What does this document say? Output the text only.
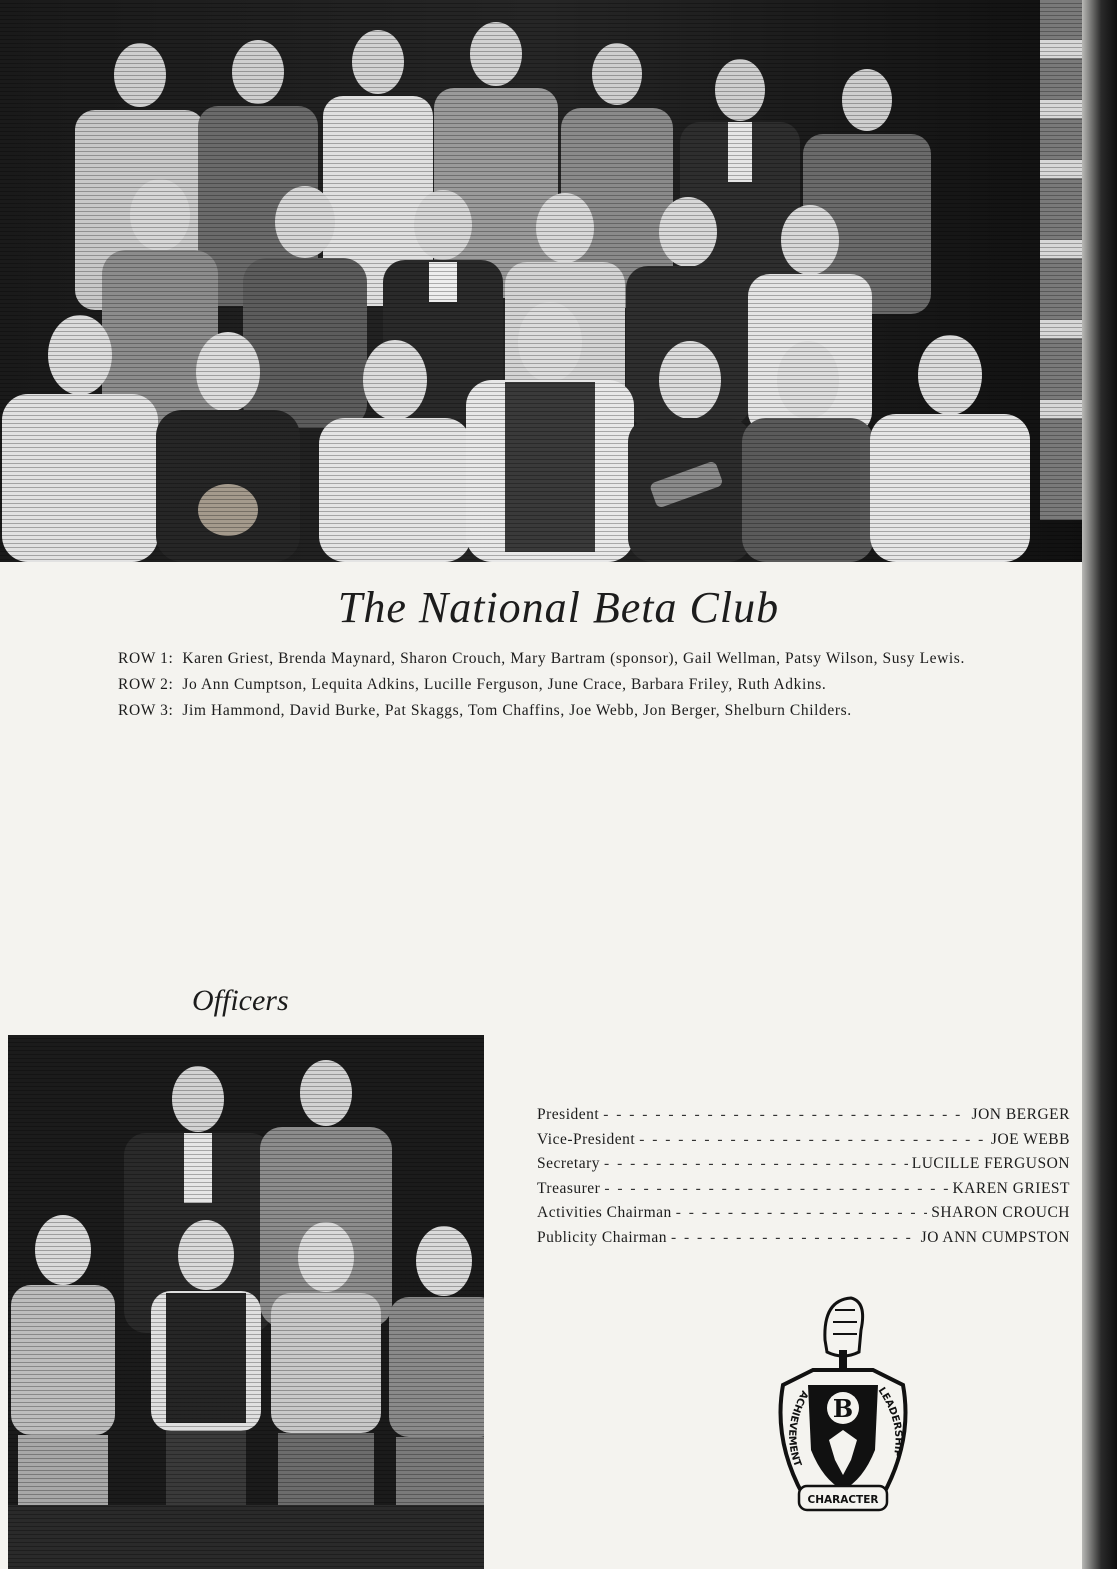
The National Beta Club

ROW 1: Karen Griest, Brenda Maynard, Sharon Crouch, Mary Bartram (sponsor), Gail Wellman, Patsy Wilson, Susy Lewis.

ROW 2: Jo Ann Cumptson, Lequita Adkins, Lucille Ferguson, June Crace, Barbara Friley, Ruth Adkins.

ROW 3: Jim Hammond, David Burke, Pat Skaggs, Tom Chaffins, Joe Webb, Jon Berger, Shelburn Childers.

Officers
President - - -	JON BERGER
Vice-President - - -	JOE WEBB
Secretary - - -	LUCILLE FERGUSON
Treasurer - - -	KAREN GRIEST
Activities Chairman - - -	SHARON CROUCH
Publicity Chairman - - -	JO ANN CUMPSTON
B
ACHIEVEMENT
LEADERSHIP
CHARACTER
